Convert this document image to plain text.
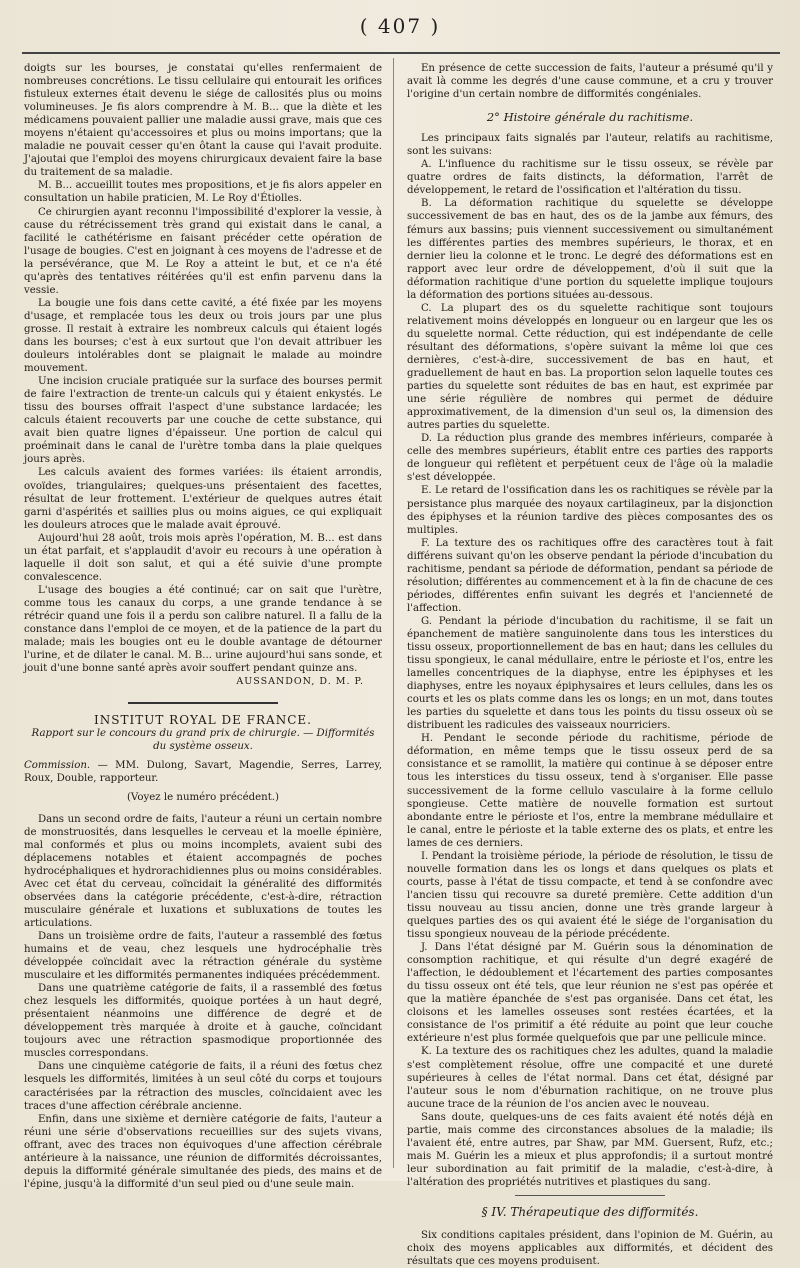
( 407 )

doigts sur les bourses, je constatai qu'elles renfermaient de nombreuses concrétions. Le tissu cellulaire qui entourait les orifices fistuleux externes était devenu le siége de callosités plus ou moins volumineuses. Je fis alors comprendre à M. B... que la diète et les médicamens pouvaient pallier une maladie aussi grave, mais que ces moyens n'étaient qu'accessoires et plus ou moins importans; que la maladie ne pouvait cesser qu'en ôtant la cause qui l'avait produite. J'ajoutai que l'emploi des moyens chirurgicaux devaient faire la base du traitement de sa maladie.

M. B... accueillit toutes mes propositions, et je fis alors appeler en consultation un habile praticien, M. Le Roy d'Étiolles.

Ce chirurgien ayant reconnu l'impossibilité d'explorer la vessie, à cause du rétrécissement très grand qui existait dans le canal, a facilité le cathétérisme en faisant précéder cette opération de l'usage de bougies. C'est en joignant à ces moyens de l'adresse et de la persévérance, que M. Le Roy a atteint le but, et ce n'a été qu'après des tentatives réitérées qu'il est enfin parvenu dans la vessie.

La bougie une fois dans cette cavité, a été fixée par les moyens d'usage, et remplacée tous les deux ou trois jours par une plus grosse. Il restait à extraire les nombreux calculs qui étaient logés dans les bourses; c'est à eux surtout que l'on devait attribuer les douleurs intolérables dont se plaignait le malade au moindre mouvement.

Une incision cruciale pratiquée sur la surface des bourses permit de faire l'extraction de trente-un calculs qui y étaient enkystés. Le tissu des bourses offrait l'aspect d'une substance lardacée; les calculs étaient recouverts par une couche de cette substance, qui avait bien quatre lignes d'épaisseur. Une portion de calcul qui proéminait dans le canal de l'urètre tomba dans la plaie quelques jours après.

Les calculs avaient des formes variées: ils étaient arrondis, ovoïdes, triangulaires; quelques-uns présentaient des facettes, résultat de leur frottement. L'extérieur de quelques autres était garni d'aspérités et saillies plus ou moins aigues, ce qui expliquait les douleurs atroces que le malade avait éprouvé.

Aujourd'hui 28 août, trois mois après l'opération, M. B... est dans un état parfait, et s'applaudit d'avoir eu recours à une opération à laquelle il doit son salut, et qui a été suivie d'une prompte convalescence.

L'usage des bougies a été continué; car on sait que l'urètre, comme tous les canaux du corps, a une grande tendance à se rétrécir quand une fois il a perdu son calibre naturel. Il a fallu de la constance dans l'emploi de ce moyen, et de la patience de la part du malade; mais les bougies ont eu le double avantage de détourner l'urine, et de dilater le canal. M. B... urine aujourd'hui sans sonde, et jouit d'une bonne santé après avoir souffert pendant quinze ans.

AUSSANDON, D. M. P.

INSTITUT ROYAL DE FRANCE.

Rapport sur le concours du grand prix de chirurgie. — Difformités du système osseux.

Commission. — MM. Dulong, Savart, Magendie, Serres, Larrey, Roux, Double, rapporteur.

(Voyez le numéro précédent.)

Dans un second ordre de faits, l'auteur a réuni un certain nombre de monstruosités, dans lesquelles le cerveau et la moelle épinière, mal conformés et plus ou moins incomplets, avaient subi des déplacemens notables et étaient accompagnés de poches hydrocéphaliques et hydrorachidiennes plus ou moins considérables. Avec cet état du cerveau, coïncidait la généralité des difformités observées dans la catégorie précédente, c'est-à-dire, rétraction musculaire générale et luxations et subluxations de toutes les articulations.

Dans un troisième ordre de faits, l'auteur a rassemblé des fœtus humains et de veau, chez lesquels une hydrocéphalie très développée coïncidait avec la rétraction générale du système musculaire et les difformités permanentes indiquées précédemment.

Dans une quatrième catégorie de faits, il a rassemblé des fœtus chez lesquels les difformités, quoique portées à un haut degré, présentaient néanmoins une différence de degré et de développement très marquée à droite et à gauche, coïncidant toujours avec une rétraction spasmodique proportionnée des muscles correspondans.

Dans une cinquième catégorie de faits, il a réuni des fœtus chez lesquels les difformités, limitées à un seul côté du corps et toujours caractérisées par la rétraction des muscles, coïncidaient avec les traces d'une affection cérébrale ancienne.

Enfin, dans une sixième et dernière catégorie de faits, l'auteur a réuni une série d'observations recueillies sur des sujets vivans, offrant, avec des traces non équivoques d'une affection cérébrale antérieure à la naissance, une réunion de difformités décroissantes, depuis la difformité générale simultanée des pieds, des mains et de l'épine, jusqu'à la difformité d'un seul pied ou d'une seule main.

En présence de cette succession de faits, l'auteur a présumé qu'il y avait là comme les degrés d'une cause commune, et a cru y trouver l'origine d'un certain nombre de difformités congéniales.

2° Histoire générale du rachitisme.

Les principaux faits signalés par l'auteur, relatifs au rachitisme, sont les suivans:

A. L'influence du rachitisme sur le tissu osseux, se révèle par quatre ordres de faits distincts, la déformation, l'arrêt de développement, le retard de l'ossification et l'altération du tissu.

B. La déformation rachitique du squelette se développe successivement de bas en haut, des os de la jambe aux fémurs, des fémurs aux bassins; puis viennent successivement ou simultanément les différentes parties des membres supérieurs, le thorax, et en dernier lieu la colonne et le tronc. Le degré des déformations est en rapport avec leur ordre de développement, d'où il suit que la déformation rachitique d'une portion du squelette implique toujours la déformation des portions situées au-dessous.

C. La plupart des os du squelette rachitique sont toujours relativement moins développés en longueur ou en largeur que les os du squelette normal. Cette réduction, qui est indépendante de celle résultant des déformations, s'opère suivant la même loi que ces dernières, c'est-à-dire, successivement de bas en haut, et graduellement de haut en bas. La proportion selon laquelle toutes ces parties du squelette sont réduites de bas en haut, est exprimée par une série régulière de nombres qui permet de déduire approximativement, de la dimension d'un seul os, la dimension des autres parties du squelette.

D. La réduction plus grande des membres inférieurs, comparée à celle des membres supérieurs, établit entre ces parties des rapports de longueur qui reflètent et perpétuent ceux de l'âge où la maladie s'est développée.

E. Le retard de l'ossification dans les os rachitiques se révèle par la persistance plus marquée des noyaux cartilagineux, par la disjonction des épiphyses et la réunion tardive des pièces composantes des os multiples.

F. La texture des os rachitiques offre des caractères tout à fait différens suivant qu'on les observe pendant la période d'incubation du rachitisme, pendant sa période de déformation, pendant sa période de résolution; différentes au commencement et à la fin de chacune de ces périodes, différentes enfin suivant les degrés et l'ancienneté de l'affection.

G. Pendant la période d'incubation du rachitisme, il se fait un épanchement de matière sanguinolente dans tous les interstices du tissu osseux, proportionnellement de bas en haut; dans les cellules du tissu spongieux, le canal médullaire, entre le périoste et l'os, entre les lamelles concentriques de la diaphyse, entre les épiphyses et les diaphyses, entre les noyaux épiphysaires et leurs cellules, dans les os courts et les os plats comme dans les os longs; en un mot, dans toutes les parties du squelette et dans tous les points du tissu osseux où se distribuent les radicules des vaisseaux nourriciers.

H. Pendant le seconde période du rachitisme, période de déformation, en même temps que le tissu osseux perd de sa consistance et se ramollit, la matière qui continue à se déposer entre tous les interstices du tissu osseux, tend à s'organiser. Elle passe successivement de la forme cellulo vasculaire à la forme cellulo spongieuse. Cette matière de nouvelle formation est surtout abondante entre le périoste et l'os, entre la membrane médullaire et le canal, entre le périoste et la table externe des os plats, et entre les lames de ces derniers.

I. Pendant la troisième période, la période de résolution, le tissu de nouvelle formation dans les os longs et dans quelques os plats et courts, passe à l'état de tissu compacte, et tend à se confondre avec l'ancien tissu qui recouvre sa dureté première. Cette addition d'un tissu nouveau au tissu ancien, donne une très grande largeur à quelques parties des os qui avaient été le siége de l'organisation du tissu spongieux nouveau de la période précédente.

J. Dans l'état désigné par M. Guérin sous la dénomination de consomption rachitique, et qui résulte d'un degré exagéré de l'affection, le dédoublement et l'écartement des parties composantes du tissu osseux ont été tels, que leur réunion ne s'est pas opérée et que la matière épanchée de s'est pas organisée. Dans cet état, les cloisons et les lamelles osseuses sont restées écartées, et la consistance de l'os primitif a été réduite au point que leur couche extérieure n'est plus formée quelquefois que par une pellicule mince.

K. La texture des os rachitiques chez les adultes, quand la maladie s'est complètement résolue, offre une compacité et une dureté supérieures à celles de l'état normal. Dans cet état, désigné par l'auteur sous le nom d'éburnation rachitique, on ne trouve plus aucune trace de la réunion de l'os ancien avec le nouveau.

Sans doute, quelques-uns de ces faits avaient été notés déjà en partie, mais comme des circonstances absolues de la maladie; ils l'avaient été, entre autres, par Shaw, par MM. Guersent, Rufz, etc.; mais M. Guérin les a mieux et plus approfondis; il a surtout montré leur subordination au fait primitif de la maladie, c'est-à-dire, à l'altération des propriétés nutritives et plastiques du sang.

§ IV. Thérapeutique des difformités.

Six conditions capitales président, dans l'opinion de M. Guérin, au choix des moyens applicables aux difformités, et décident des résultats que ces moyens produisent.
